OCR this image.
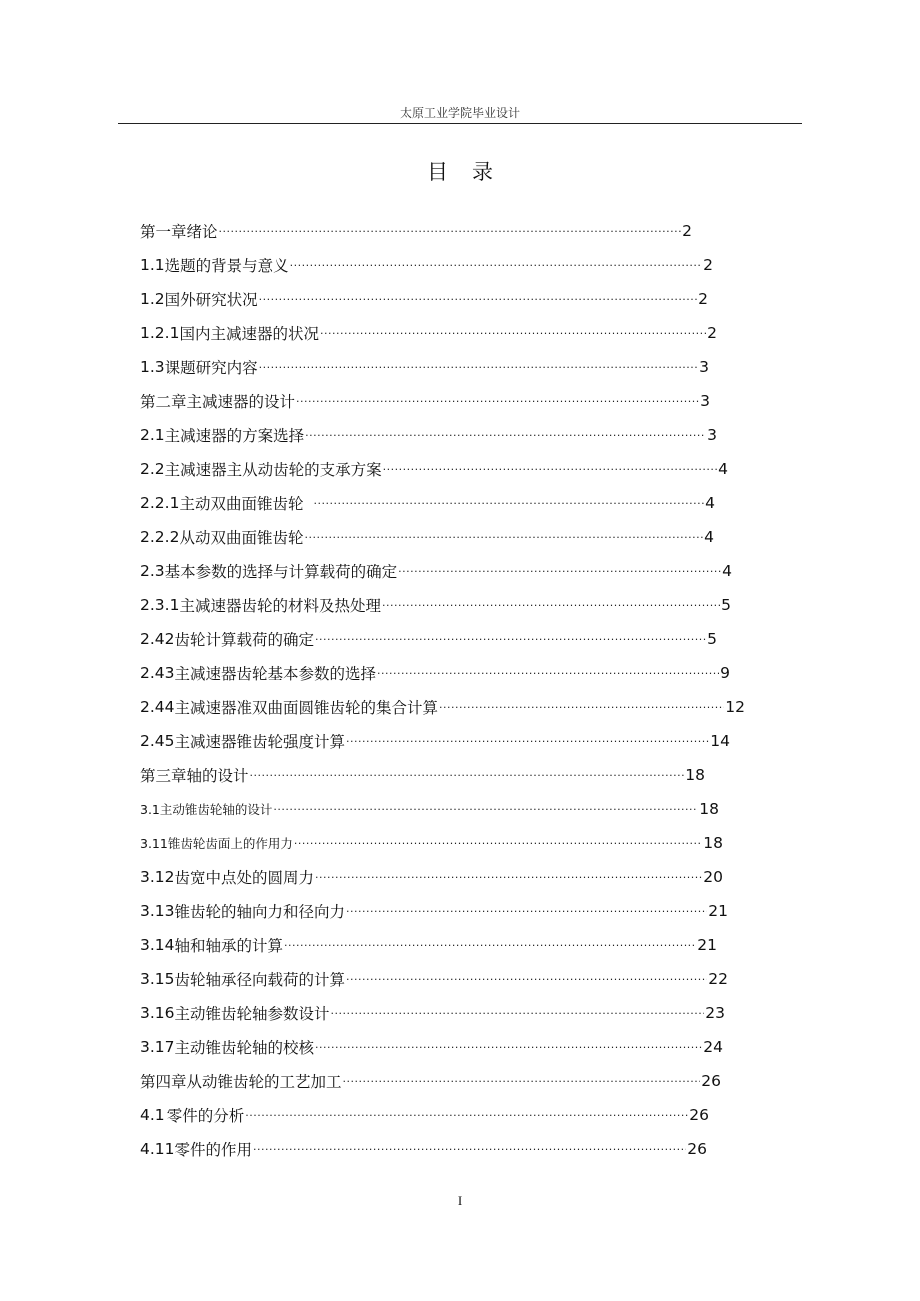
太原工业学院毕业设计
目录
第一章 绪论 ·····	2
1.1 选题的背景与意义 ·····	2
1.2 国外研究状况 ·····	2
1.2.1 国内主减速器的状况 ·····	2
1.3 课题研究内容 ·····	3
第二章 主减速器的设计 ·····	3
2.1 主减速器的方案选择 ·····	3
2.2 主减速器主从动齿轮的支承方案 ·····	4
2.2.1 主动双曲面锥齿轮 ·····	4
2.2.2 从动双曲面锥齿轮 ·····	4
2.3 基本参数的选择与计算载荷的确定 ·····	4
2.3.1 主减速器齿轮的材料及热处理 ·····	5
2.42 齿轮计算载荷的确定 ·····	5
2.43 主减速器齿轮基本参数的选择 ·····	9
2.44 主减速器准双曲面圆锥齿轮的集合计算 ·····	12
2.45 主减速器锥齿轮强度计算 ·····	14
第三章 轴的设计 ·····	18
3.1 主动锥齿轮轴的设计 ·····	18
3.11 锥齿轮齿面上的作用力 ·····	18
3.12 齿宽中点处的圆周力 ·····	20
3.13 锥齿轮的轴向力和径向力 ·····	21
3.14 轴和轴承的计算 ·····	21
3.15 齿轮轴承径向载荷的计算 ·····	22
3.16 主动锥齿轮轴参数设计 ·····	23
3.17 主动锥齿轮轴的校核 ·····	24
第四章 从动锥齿轮的工艺加工 ·····	26
4.1 零件的分析 ·····	26
4.11 零件的作用 ·····	26
I
